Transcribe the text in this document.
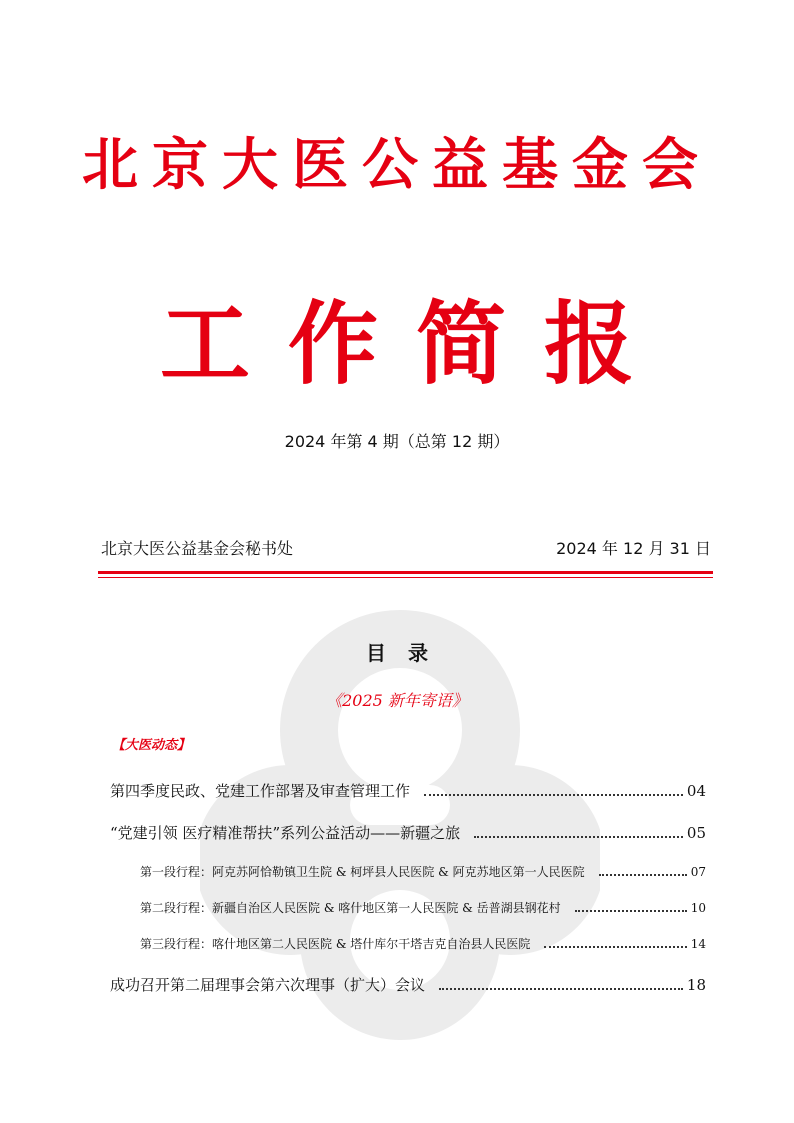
北京大医公益基金会
工作简报
2024 年第 4 期（总第 12 期）
北京大医公益基金会秘书处	2024 年 12 月 31 日
目录
《2025 新年寄语》
【大医动态】
第四季度民政、党建工作部署及审查管理工作	04
“党建引领 医疗精准帮扶”系列公益活动——新疆之旅	05
第一段行程：阿克苏阿恰勒镇卫生院 & 柯坪县人民医院 & 阿克苏地区第一人民医院	07
第二段行程：新疆自治区人民医院 & 喀什地区第一人民医院 & 岳普湖县钢花村	10
第三段行程：喀什地区第二人民医院 & 塔什库尔干塔吉克自治县人民医院	14
成功召开第二届理事会第六次理事（扩大）会议	18
